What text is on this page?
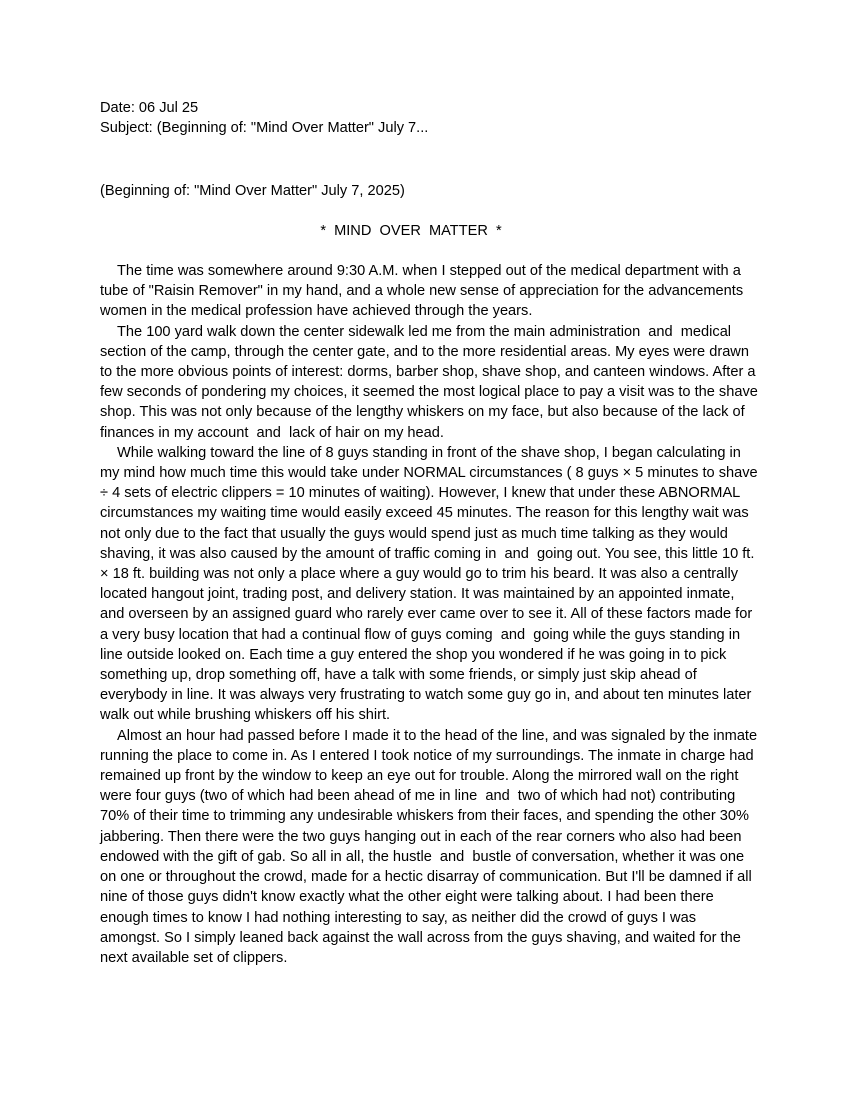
Date: 06 Jul 25
Subject: (Beginning of: "Mind Over Matter" July 7...
(Beginning of: "Mind Over Matter" July 7, 2025)
*  MIND  OVER  MATTER  *

The time was somewhere around 9:30 A.M. when I stepped out of the medical department with a tube of "Raisin Remover" in my hand, and a whole new sense of appreciation for the advancements women in the medical profession have achieved through the years.

The 100 yard walk down the center sidewalk led me from the main administration  and  medical section of the camp, through the center gate, and to the more residential areas. My eyes were drawn to the more obvious points of interest: dorms, barber shop, shave shop, and canteen windows. After a few seconds of pondering my choices, it seemed the most logical place to pay a visit was to the shave shop. This was not only because of the lengthy whiskers on my face, but also because of the lack of finances in my account  and  lack of hair on my head.

While walking toward the line of 8 guys standing in front of the shave shop, I began calculating in my mind how much time this would take under NORMAL circumstances ( 8 guys × 5 minutes to shave ÷ 4 sets of electric clippers = 10 minutes of waiting). However, I knew that under these ABNORMAL circumstances my waiting time would easily exceed 45 minutes. The reason for this lengthy wait was not only due to the fact that usually the guys would spend just as much time talking as they would shaving, it was also caused by the amount of traffic coming in  and  going out. You see, this little 10 ft. × 18 ft. building was not only a place where a guy would go to trim his beard. It was also a centrally located hangout joint, trading post, and delivery station. It was maintained by an appointed inmate, and overseen by an assigned guard who rarely ever came over to see it. All of these factors made for a very busy location that had a continual flow of guys coming  and  going while the guys standing in line outside looked on. Each time a guy entered the shop you wondered if he was going in to pick something up, drop something off, have a talk with some friends, or simply just skip ahead of everybody in line. It was always very frustrating to watch some guy go in, and about ten minutes later walk out while brushing whiskers off his shirt.

Almost an hour had passed before I made it to the head of the line, and was signaled by the inmate running the place to come in. As I entered I took notice of my surroundings. The inmate in charge had remained up front by the window to keep an eye out for trouble. Along the mirrored wall on the right were four guys (two of which had been ahead of me in line  and  two of which had not) contributing 70% of their time to trimming any undesirable whiskers from their faces, and spending the other 30% jabbering. Then there were the two guys hanging out in each of the rear corners who also had been endowed with the gift of gab. So all in all, the hustle  and  bustle of conversation, whether it was one on one or throughout the crowd, made for a hectic disarray of communication. But I'll be damned if all nine of those guys didn't know exactly what the other eight were talking about. I had been there enough times to know I had nothing interesting to say, as neither did the crowd of guys I was amongst. So I simply leaned back against the wall across from the guys shaving, and waited for the next available set of clippers.
